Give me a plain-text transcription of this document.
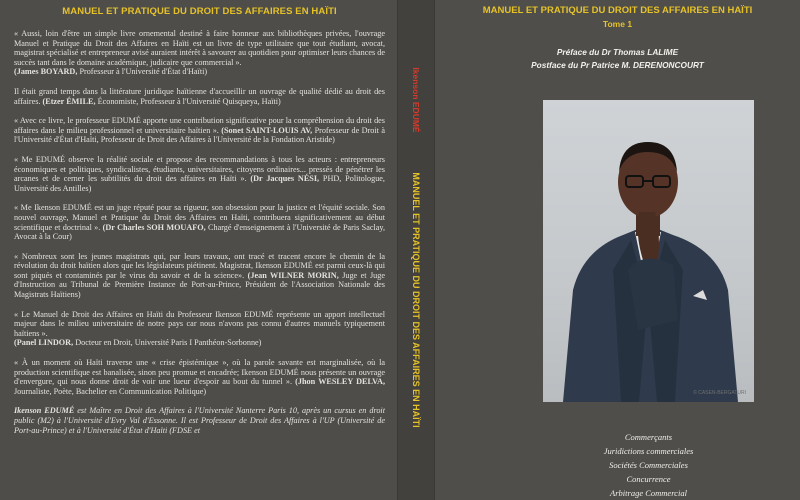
MANUEL ET PRATIQUE DU DROIT DES AFFAIRES EN HAÏTI

« Aussi, loin d'être un simple livre ornemental destiné à faire honneur aux bibliothèques privées, l'ouvrage Manuel et Pratique du Droit des Affaires en Haïti est un livre de type utilitaire que tout étudiant, avocat, magistrat spécialisé et entrepreneur avisé auraient intérêt à savourer au quotidien pour optimiser leurs chances de succès tant dans le domaine académique, judicaire que commercial ».
(James BOYARD, Professeur à l'Université d'État d'Haïti)

Il était grand temps dans la littérature juridique haïtienne d'accueillir un ouvrage de qualité dédié au droit des affaires. (Etzer ÉMILE, Économiste, Professeur à l'Université Quisqueya, Haïti)

« Avec ce livre, le professeur EDUMÉ apporte une contribution significative pour la compréhension du droit des affaires dans le milieu professionnel et universitaire haïtien ». (Sonet SAINT-LOUIS AV, Professeur de Droit à l'Université d'État d'Haïti, Professeur de Droit des Affaires à l'Université de la Fondation Aristide)

« Me EDUMÉ observe la réalité sociale et propose des recommandations à tous les acteurs : entrepreneurs économiques et politiques, syndicalistes, étudiants, universitaires, citoyens ordinaires... pressés de pénétrer les arcanes et de cerner les subtilités du droit des affaires en Haïti ». (Dr Jacques NÉSI, PHD, Politologue, Université des Antilles)

« Me Ikenson EDUMÉ est un juge réputé pour sa rigueur, son obsession pour la justice et l'équité sociale. Son nouvel ouvrage, Manuel et Pratique du Droit des Affaires en Haïti, contribuera significativement au début scientifique et doctrinal ». (Dr Charles SOH MOUAFO, Chargé d'enseignement à l'Université de Paris Saclay, Avocat à la Cour)

« Nombreux sont les jeunes magistrats qui, par leurs travaux, ont tracé et tracent encore le chemin de la révolution du droit haïtien alors que les législateurs piétinent. Magistrat, Ikenson EDUMÉ est parmi ceux-là qui sont piqués et contaminés par le virus du savoir et de la science». (Jean WILNER MORIN, Juge et Juge d'Instruction au Tribunal de Première Instance de Port-au-Prince, Président de l'Association Nationale des Magistrats Haïtiens)

« Le Manuel de Droit des Affaires en Haïti du Professeur Ikenson EDUMÉ représente un apport intellectuel majeur dans le milieu universitaire de notre pays car nous n'avons pas connu d'autres manuels typiquement haïtiens ».
(Panel LINDOR, Docteur en Droit, Université Paris I Panthéon-Sorbonne)

« À un moment où Haïti traverse une « crise épistémique », où la parole savante est marginalisée, où la production scientifique est banalisée, sinon peu promue et encadrée; Ikenson EDUMÉ nous présente un ouvrage d'envergure, qui nous donne droit de voir une lueur d'espoir au bout du tunnel ». (Jhon WESLEY DELVA, Journaliste, Poète, Bachelier en Communication Politique)

Ikenson EDUMÉ est Maître en Droit des Affaires à l'Université Nanterre Paris 10, après un cursus en droit public (M2) à l'Université d'Evry Val d'Essonne. Il est Professeur de Droit des Affaires à l'UP (Université de Port-au-Prince) et à l'Université d'État d'Haïti (FDSE et

Ikenson EDUMÉ
MANUEL ET PRATIQUE DU DROIT DES AFFAIRES EN HAÏTI
MANUEL ET PRATIQUE DU DROIT DES AFFAIRES EN HAÏTI
Tome 1
Préface du Dr Thomas LALIME
Postface du Pr Patrice M. DERENONCOURT
© CASEN-BERGATURI
Commerçants
Juridictions commerciales
Sociétés Commerciales
Concurrence
Arbitrage Commercial
